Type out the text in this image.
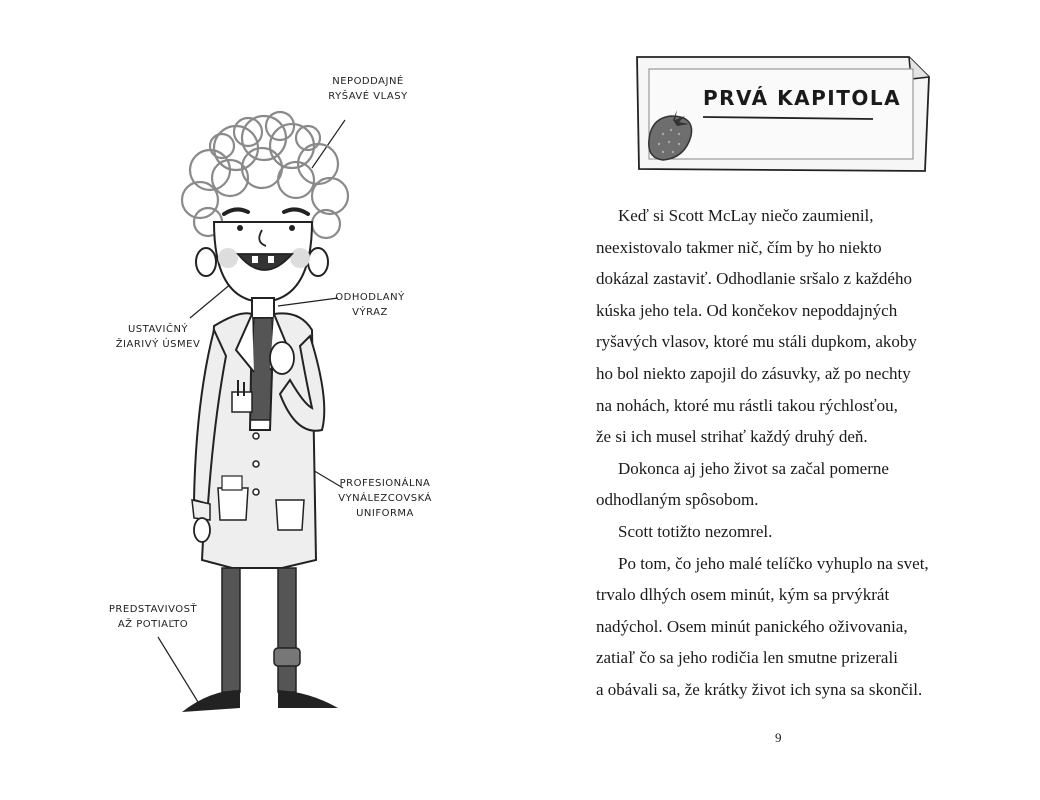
NEPODDAJNÉ
RYŠAVÉ VLASY
USTAVIČNÝ
ŽIARIVÝ ÚSMEV
ODHODLANÝ
VÝRAZ
PROFESIONÁLNA
VYNÁLEZCOVSKÁ
UNIFORMA
PREDSTAVIVOSŤ
AŽ POTIAĽTO
PRVÁ KAPITOLA

Keď si Scott McLay niečo zaumienil,
neexistovalo takmer nič, čím by ho niekto
dokázal zastaviť. Odhodlanie sršalo z každého
kúska jeho tela. Od končekov nepoddajných
ryšavých vlasov, ktoré mu stáli dupkom, akoby
ho bol niekto zapojil do zásuvky, až po nechty
na nohách, ktoré mu rástli takou rýchlosťou,
že si ich musel strihať každý druhý deň.

Dokonca aj jeho život sa začal pomerne
odhodlaným spôsobom.

Scott totižto nezomrel.

Po tom, čo jeho malé telíčko vyhuplo na svet,
trvalo dlhých osem minút, kým sa prvýkrát
nadýchol. Osem minút panického oživovania,
zatiaľ čo sa jeho rodičia len smutne prizerali
a obávali sa, že krátky život ich syna sa skončil.

9
